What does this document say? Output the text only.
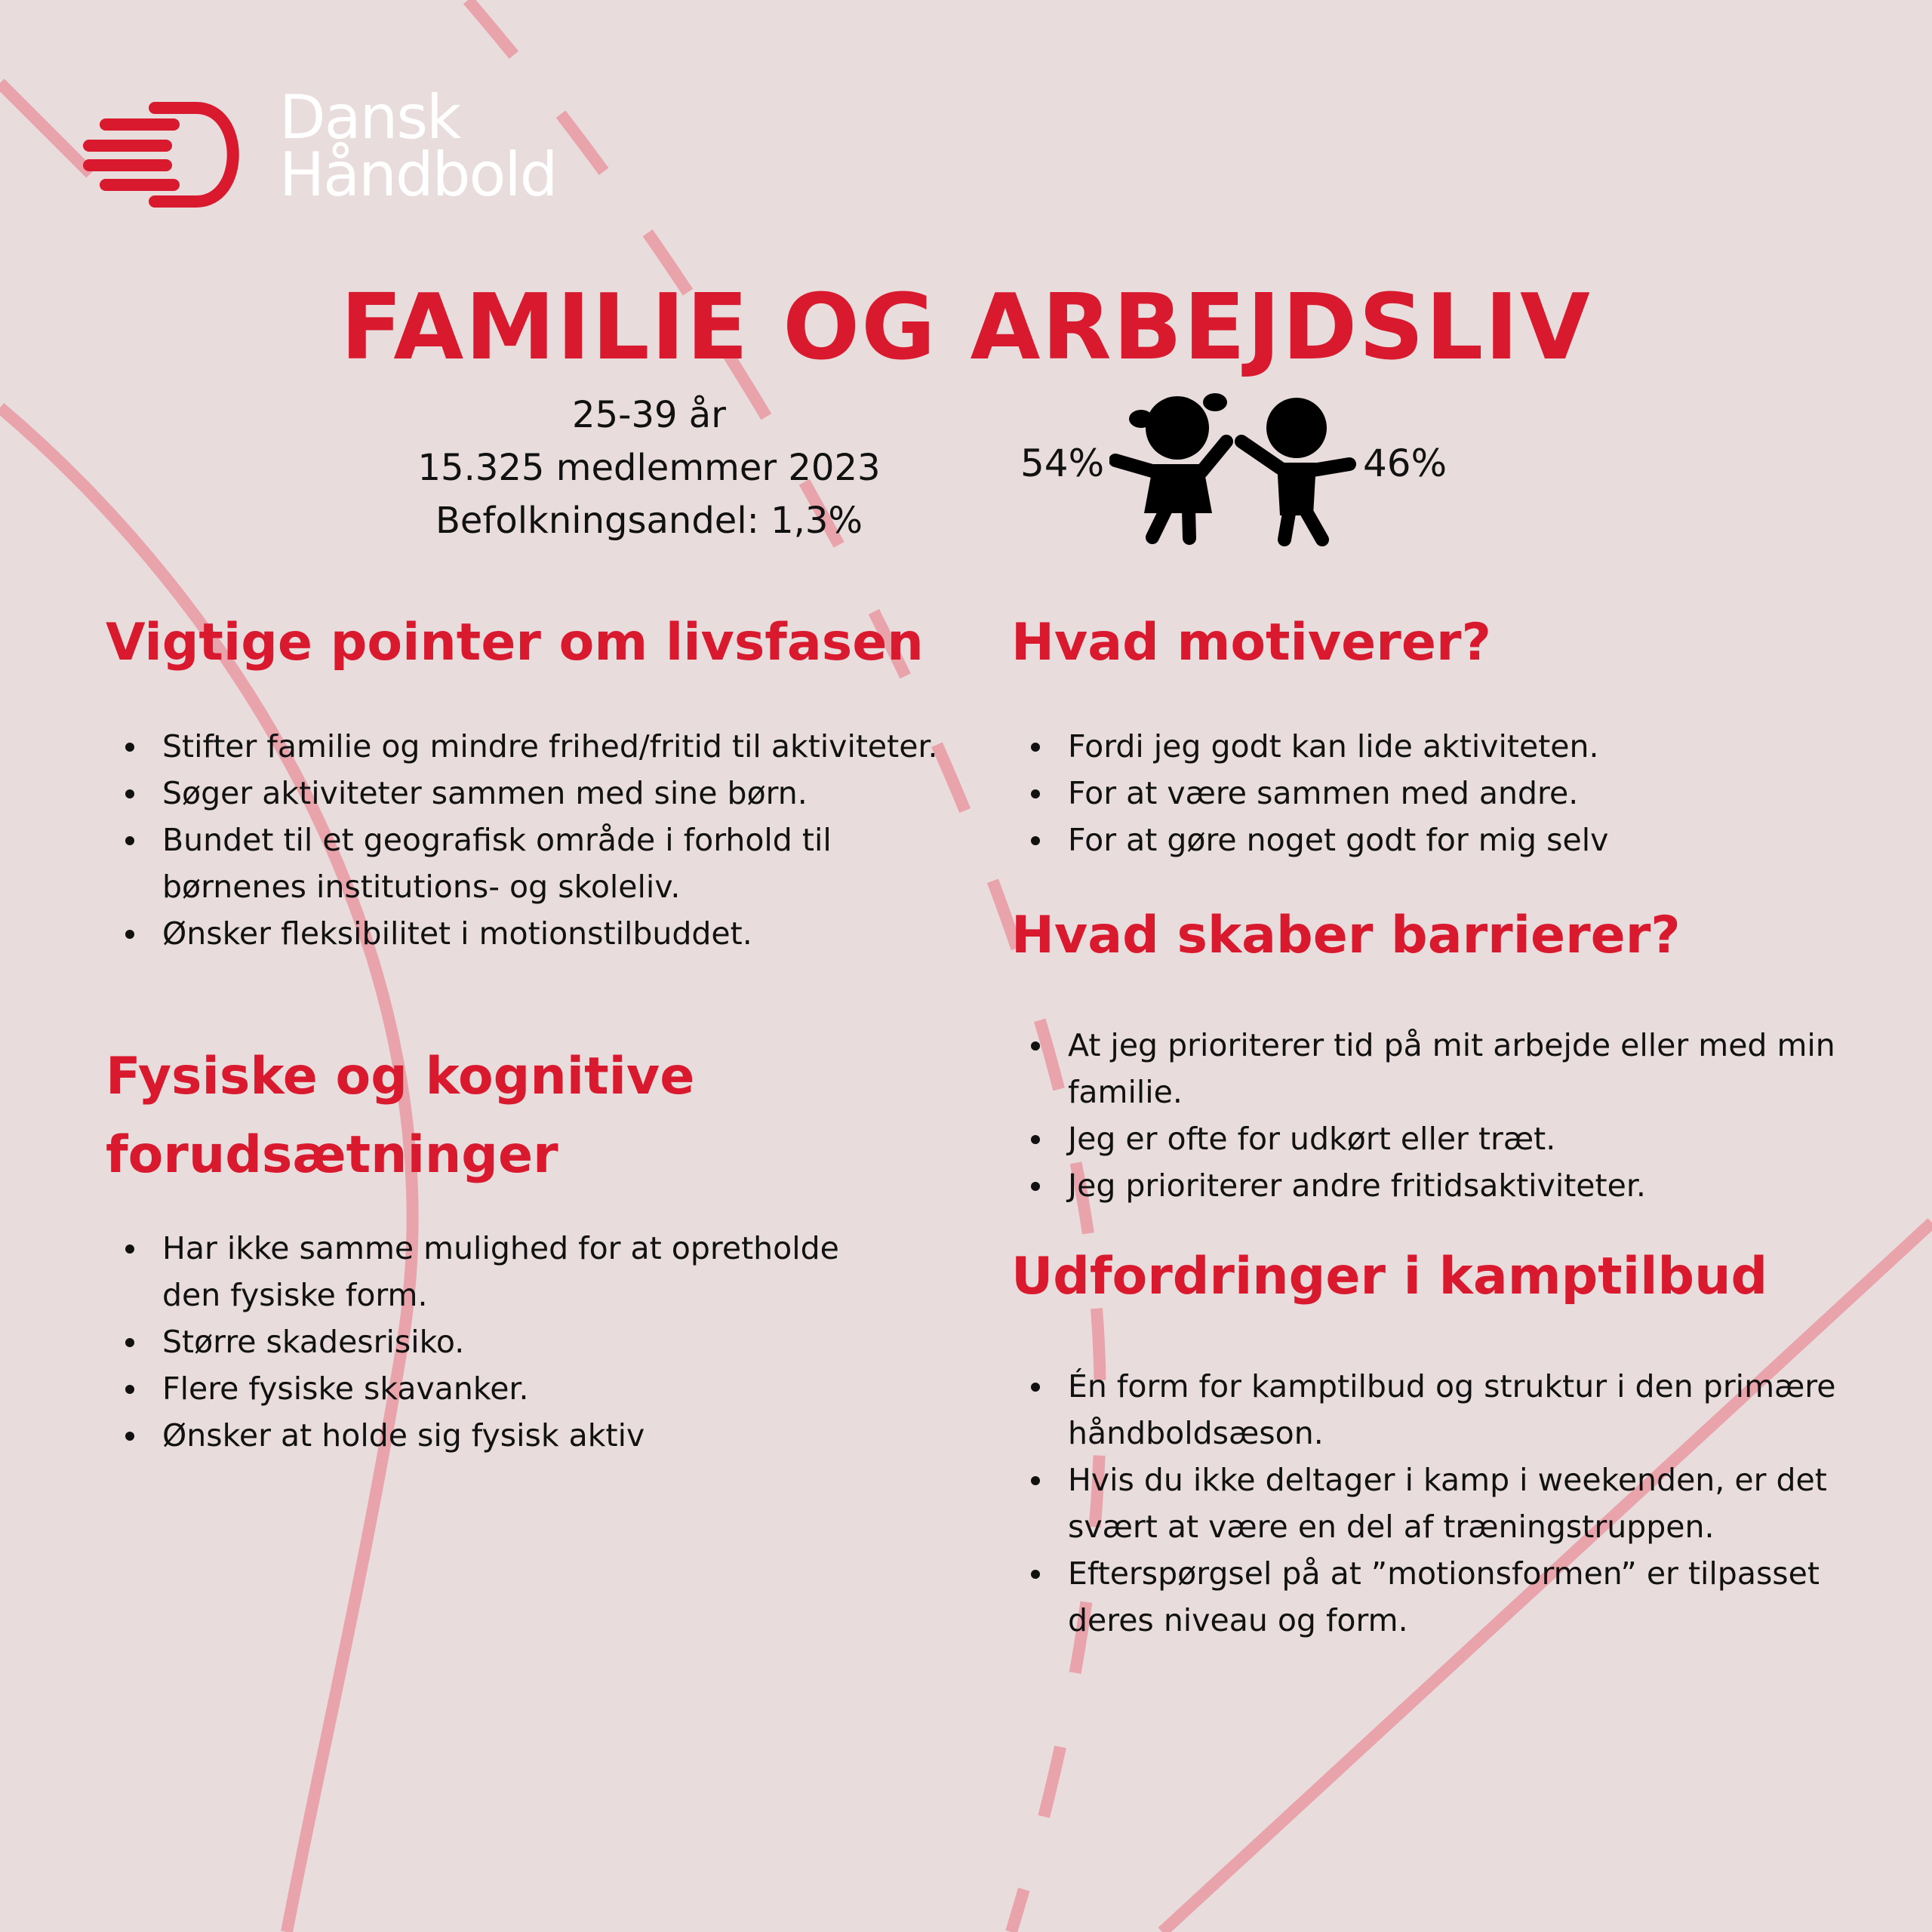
Dansk
Håndbold
FAMILIE OG ARBEJDSLIV
25-39 år
15.325 medlemmer 2023
Befolkningsandel: 1,3%
54%	46%
Vigtige pointer om livsfasen
Stifter familie og mindre frihed/fritid til aktiviteter.
Søger aktiviteter sammen med sine børn.
Bundet til et geografisk område i forhold til børnenes institutions- og skoleliv.
Ønsker fleksibilitet i motionstilbuddet.
Fysiske og kognitive forudsætninger
Har ikke samme mulighed for at opretholde den fysiske form.
Større skadesrisiko.
Flere fysiske skavanker.
Ønsker at holde sig fysisk aktiv
Hvad motiverer?
Fordi jeg godt kan lide aktiviteten.
For at være sammen med andre.
For at gøre noget godt for mig selv
Hvad skaber barrierer?
At jeg prioriterer tid på mit arbejde eller med min familie.
Jeg er ofte for udkørt eller træt.
Jeg prioriterer andre fritidsaktiviteter.
Udfordringer i kamptilbud
Én form for kamptilbud og struktur i den primære håndboldsæson.
Hvis du ikke deltager i kamp i weekenden, er det svært at være en del af træningstruppen.
Efterspørgsel på at ”motionsformen” er tilpasset deres niveau og form.
